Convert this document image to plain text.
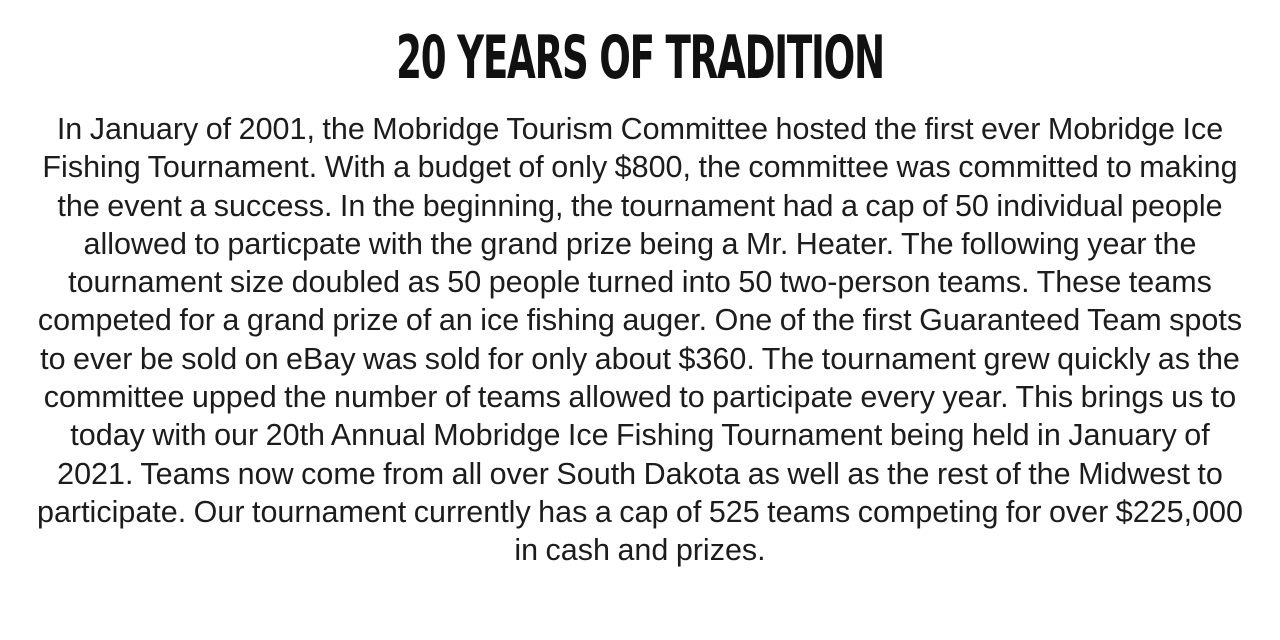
20 YEARS OF TRADITION

In January of 2001, the Mobridge Tourism Committee hosted the first ever Mobridge Ice Fishing Tournament. With a budget of only $800, the committee was committed to making the event a success. In the beginning, the tournament had a cap of 50 individual people allowed to particpate with the grand prize being a Mr. Heater. The following year the tournament size doubled as 50 people turned into 50 two-person teams. These teams competed for a grand prize of an ice fishing auger. One of the first Guaranteed Team spots to ever be sold on eBay was sold for only about $360. The tournament grew quickly as the committee upped the number of teams allowed to participate every year. This brings us to today with our 20th Annual Mobridge Ice Fishing Tournament being held in January of 2021. Teams now come from all over South Dakota as well as the rest of the Midwest to participate. Our tournament currently has a cap of 525 teams competing for over $225,000 in cash and prizes.
